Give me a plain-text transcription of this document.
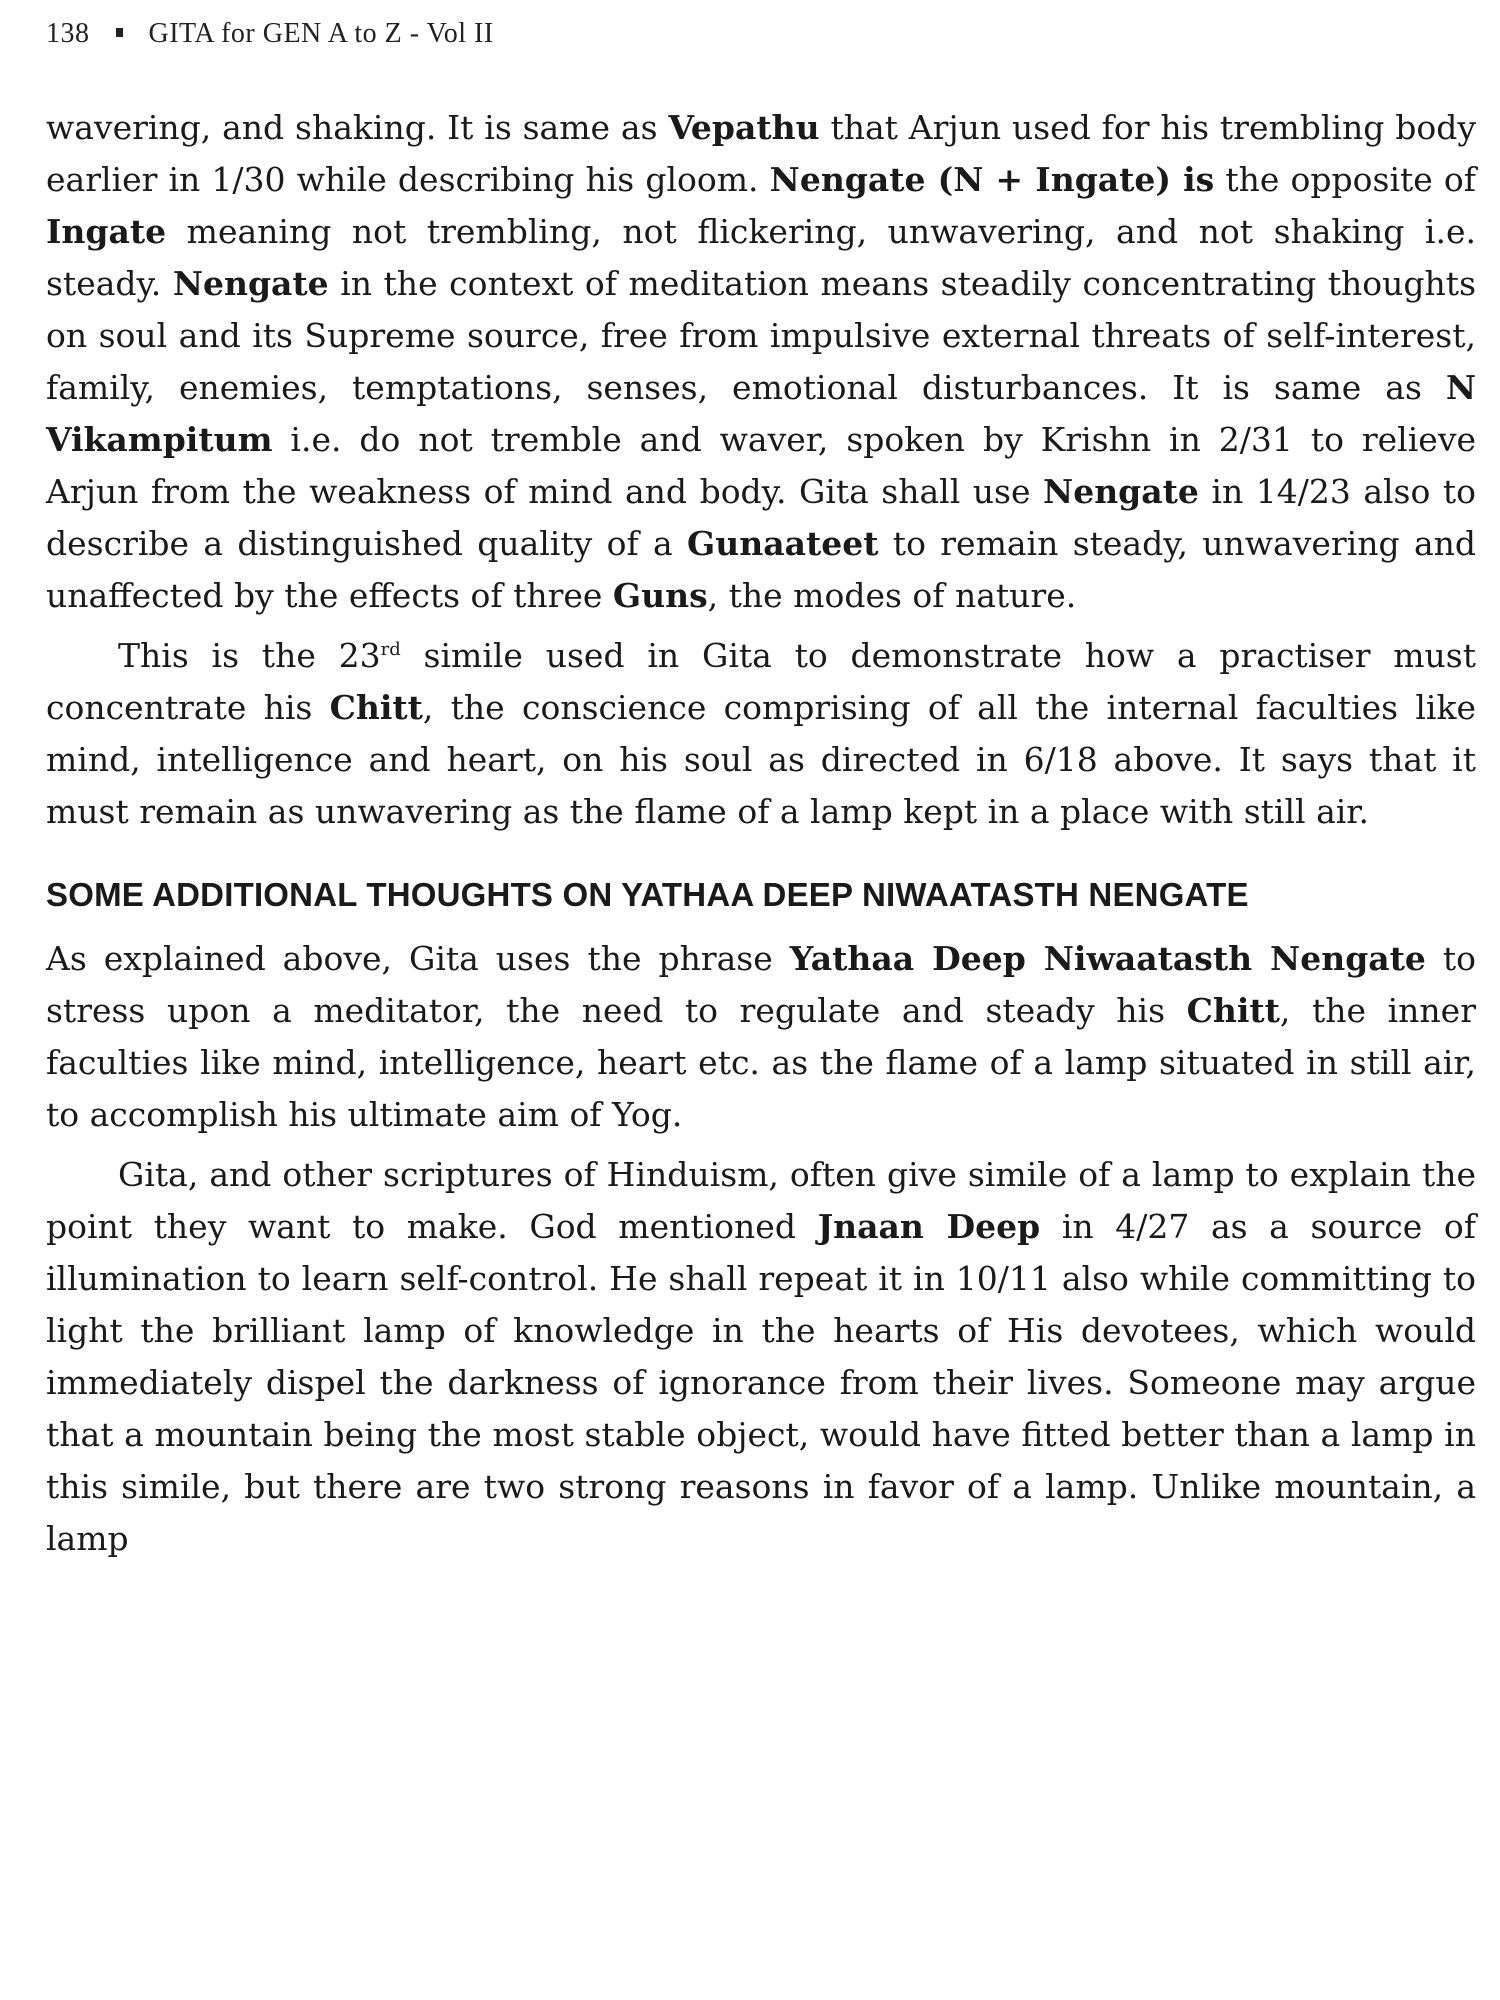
138 GITA for GEN A to Z - Vol II

wavering, and shaking. It is same as Vepathu that Arjun used for his trembling body earlier in 1/30 while describing his gloom. Nengate (N + Ingate) is the opposite of Ingate meaning not trembling, not flickering, unwavering, and not shaking i.e. steady. Nengate in the context of meditation means steadily concentrating thoughts on soul and its Supreme source, free from impulsive external threats of self-interest, family, enemies, temptations, senses, emotional disturbances. It is same as N Vikampitum i.e. do not tremble and waver, spoken by Krishn in 2/31 to relieve Arjun from the weakness of mind and body. Gita shall use Nengate in 14/23 also to describe a distinguished quality of a Gunaateet to remain steady, unwavering and unaffected by the effects of three Guns, the modes of nature.

This is the 23rd simile used in Gita to demonstrate how a practiser must concentrate his Chitt, the conscience comprising of all the internal faculties like mind, intelligence and heart, on his soul as directed in 6/18 above. It says that it must remain as unwavering as the flame of a lamp kept in a place with still air.

SOME ADDITIONAL THOUGHTS ON YATHAA DEEP NIWAATASTH NENGATE

As explained above, Gita uses the phrase Yathaa Deep Niwaatasth Nengate to stress upon a meditator, the need to regulate and steady his Chitt, the inner faculties like mind, intelligence, heart etc. as the flame of a lamp situated in still air, to accomplish his ultimate aim of Yog.

Gita, and other scriptures of Hinduism, often give simile of a lamp to explain the point they want to make. God mentioned Jnaan Deep in 4/27 as a source of illumination to learn self-control. He shall repeat it in 10/11 also while committing to light the brilliant lamp of knowledge in the hearts of His devotees, which would immediately dispel the darkness of ignorance from their lives. Someone may argue that a mountain being the most stable object, would have fitted better than a lamp in this simile, but there are two strong reasons in favor of a lamp. Unlike mountain, a lamp
